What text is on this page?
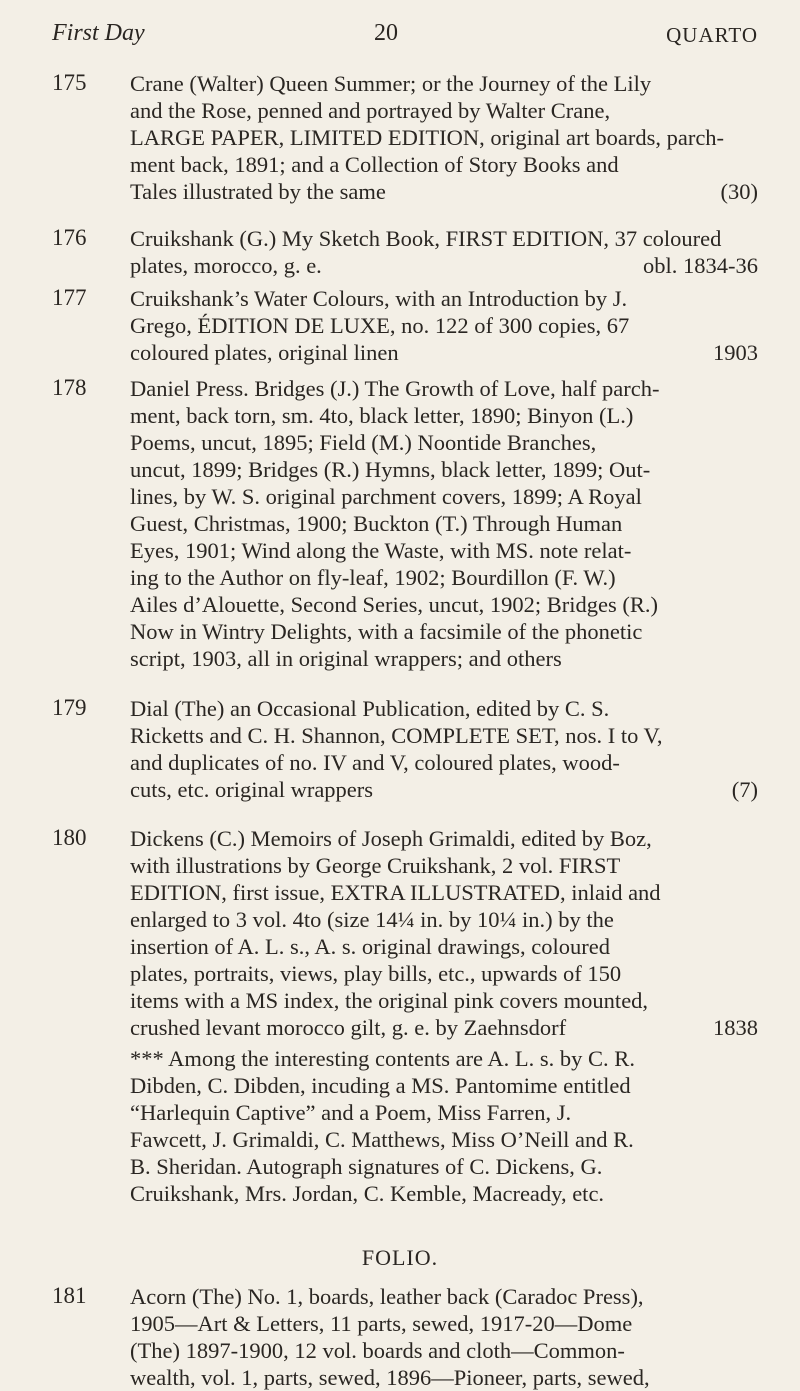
First Day	20	QUARTO
175 Crane (Walter) Queen Summer; or the Journey of the Lily

and the Rose, penned and portrayed by Walter Crane,

LARGE PAPER, LIMITED EDITION, original art boards, parch-

ment back, 1891; and a Collection of Story Books and

Tales illustrated by the same	(30)
176 Cruikshank (G.) My Sketch Book, FIRST EDITION, 37 coloured

plates, morocco, g. e.	obl. 1834-36
177 Cruikshank’s Water Colours, with an Introduction by J.

Grego, ÉDITION DE LUXE, no. 122 of 300 copies, 67

coloured plates, original linen	1903
178 Daniel Press. Bridges (J.) The Growth of Love, half parch-

ment, back torn, sm. 4to, black letter, 1890; Binyon (L.)

Poems, uncut, 1895; Field (M.) Noontide Branches,

uncut, 1899; Bridges (R.) Hymns, black letter, 1899; Out-

lines, by W. S. original parchment covers, 1899; A Royal

Guest, Christmas, 1900; Buckton (T.) Through Human

Eyes, 1901; Wind along the Waste, with MS. note relat-

ing to the Author on fly-leaf, 1902; Bourdillon (F. W.)

Ailes d’Alouette, Second Series, uncut, 1902; Bridges (R.)

Now in Wintry Delights, with a facsimile of the phonetic

script, 1903, all in original wrappers; and others

179 Dial (The) an Occasional Publication, edited by C. S.

Ricketts and C. H. Shannon, COMPLETE SET, nos. I to V,

and duplicates of no. IV and V, coloured plates, wood-

cuts, etc. original wrappers	(7)
180 Dickens (C.) Memoirs of Joseph Grimaldi, edited by Boz,

with illustrations by George Cruikshank, 2 vol. FIRST

EDITION, first issue, EXTRA ILLUSTRATED, inlaid and

enlarged to 3 vol. 4to (size 14¼ in. by 10¼ in.) by the

insertion of A. L. s., A. s. original drawings, coloured

plates, portraits, views, play bills, etc., upwards of 150

items with a MS index, the original pink covers mounted,

crushed levant morocco gilt, g. e. by Zaehnsdorf	1838

*** Among the interesting contents are A. L. s. by C. R.

Dibden, C. Dibden, incuding a MS. Pantomime entitled

“Harlequin Captive” and a Poem, Miss Farren, J.

Fawcett, J. Grimaldi, C. Matthews, Miss O’Neill and R.

B. Sheridan. Autograph signatures of C. Dickens, G.

Cruikshank, Mrs. Jordan, C. Kemble, Macready, etc.

FOLIO.
181 Acorn (The) No. 1, boards, leather back (Caradoc Press),

1905—Art & Letters, 11 parts, sewed, 1917-20—Dome

(The) 1897-1900, 12 vol. boards and cloth—Common-

wealth, vol. 1, parts, sewed, 1896—Pioneer, parts, sewed,
